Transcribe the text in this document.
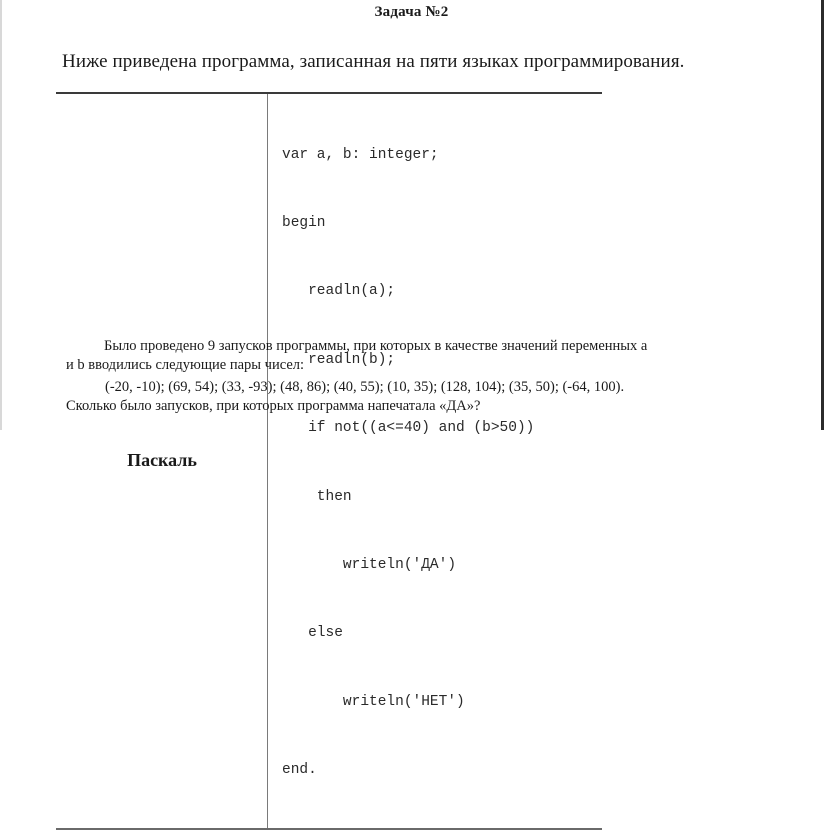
Задача №2
Ниже приведена программа, записанная на пяти языках программирования.
Паскаль	

var a, b: integer;

begin

readln(a);

readln(b);

if not((a<=40) and (b>50))

then

writeln('ДА')

else

writeln('НЕТ')

end.

Было проведено 9 запусков программы, при которых в качестве значений переменных a
и b вводились следующие пары чисел:
(-20, -10); (69, 54); (33, -93); (48, 86); (40, 55); (10, 35); (128, 104); (35, 50); (-64, 100).
Сколько было запусков, при которых программа напечатала «ДА»?
